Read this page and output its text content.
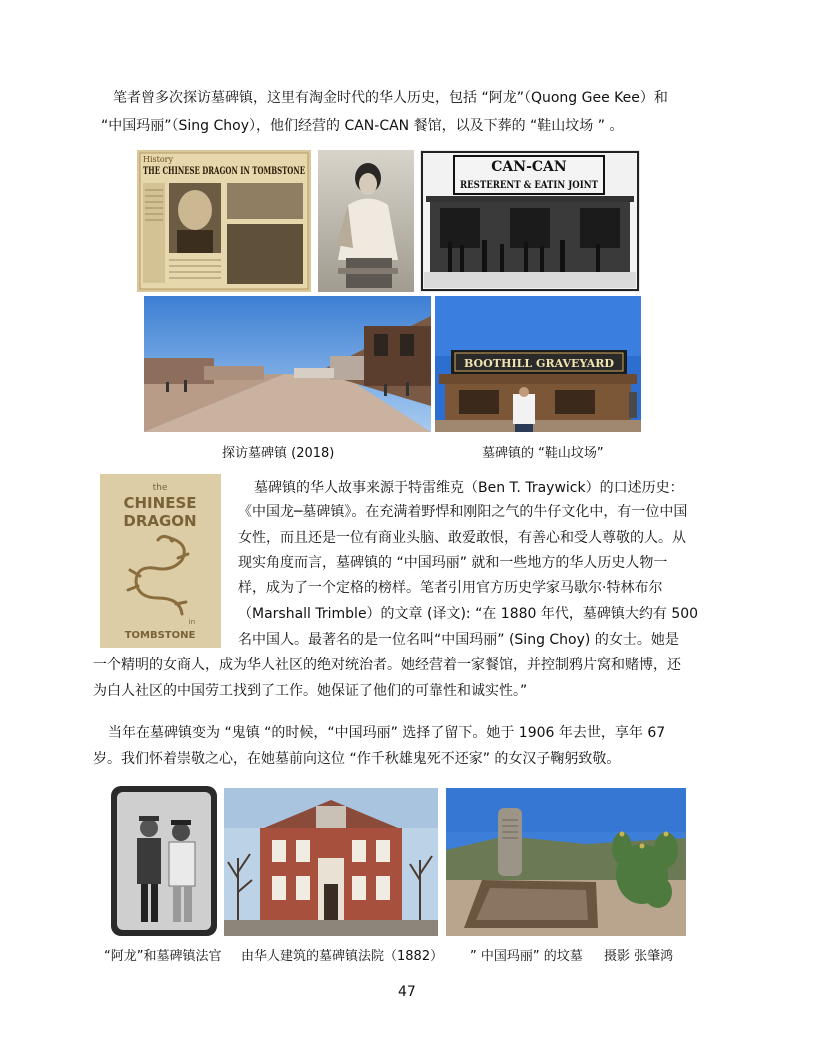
笔者曾多次探访墓碑镇，这里有淘金时代的华人历史，包括 “阿龙”（Quong Gee Kee）和
“中国玛丽”（Sing Choy），他们经营的 CAN-CAN 餐馆，以及下葬的 “鞋山坟场 ” 。
History
THE CHINESE DRAGON IN TOMBSTONE	CAN-CAN
RESTERENT & EATIN JOINT
BOOTHILL GRAVEYARD
探访墓碑镇 (2018)	墓碑镇的 “鞋山坟场”
the
CHINESE
DRAGON
in
TOMBSTONE
墓碑镇的华人故事来源于特雷维克（Ben T. Traywick）的口述历史：
《中国龙─墓碑镇》。在充满着野悍和刚阳之气的牛仔文化中，有一位中国
女性，而且还是一位有商业头脑、敢爱敢恨，有善心和受人尊敬的人。从
现实角度而言，墓碑镇的 “中国玛丽” 就和一些地方的华人历史人物一
样，成为了一个定格的榜样。笔者引用官方历史学家马歇尔·特林布尔
（Marshall Trimble）的文章 (译文): “在 1880 年代，墓碑镇大约有 500
名中国人。最著名的是一位名叫“中国玛丽” (Sing Choy) 的女士。她是
一个精明的女商人，成为华人社区的绝对统治者。她经营着一家餐馆，并控制鸦片窝和赌博，还
为白人社区的中国劳工找到了工作。她保证了他们的可靠性和诚实性。”
当年在墓碑镇变为 “鬼镇 “的时候，“中国玛丽” 选择了留下。她于 1906 年去世，享年 67
岁。我们怀着崇敬之心，在她墓前向这位 “作千秋雄鬼死不还家” 的女汉子鞠躬致敬。
“阿龙”和墓碑镇法官 由华人建筑的墓碑镇法院（1882） ” 中国玛丽” 的坟墓 摄影 张肇鸿
47
